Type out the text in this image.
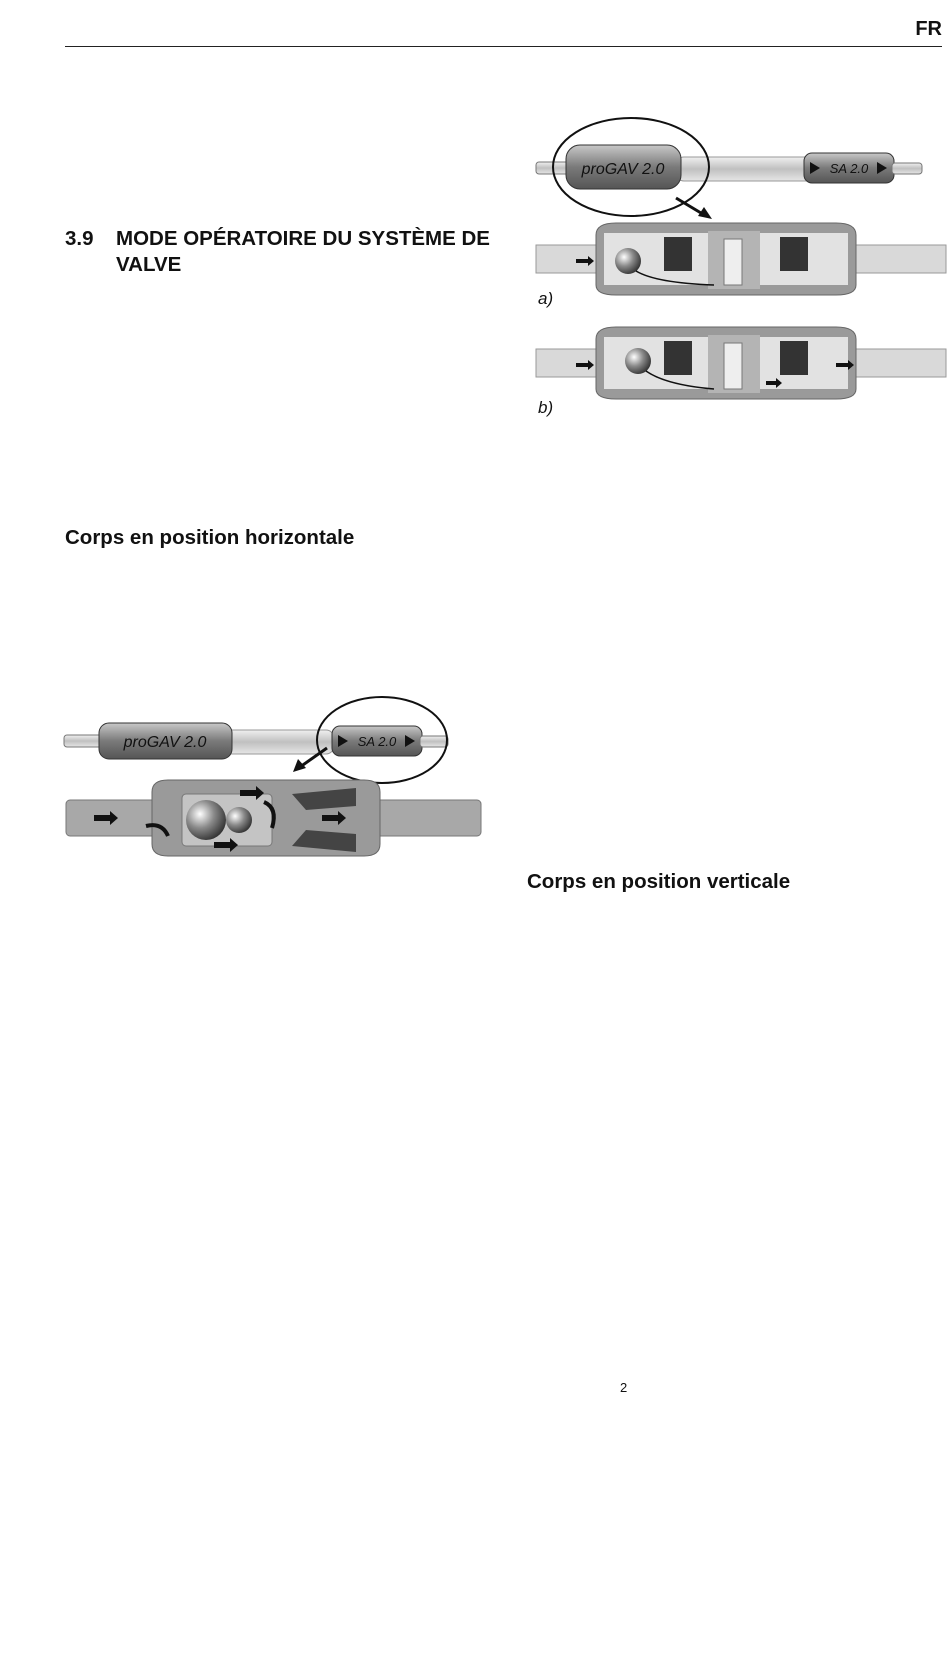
FR
3.9 MODE OPÉRATOIRE DU SYSTÈME DE VALVE
proGAV 2.0	SA 2.0
a)
b)
Corps en position horizontale
proGAV 2.0	SA 2.0
Corps en position verticale
2
